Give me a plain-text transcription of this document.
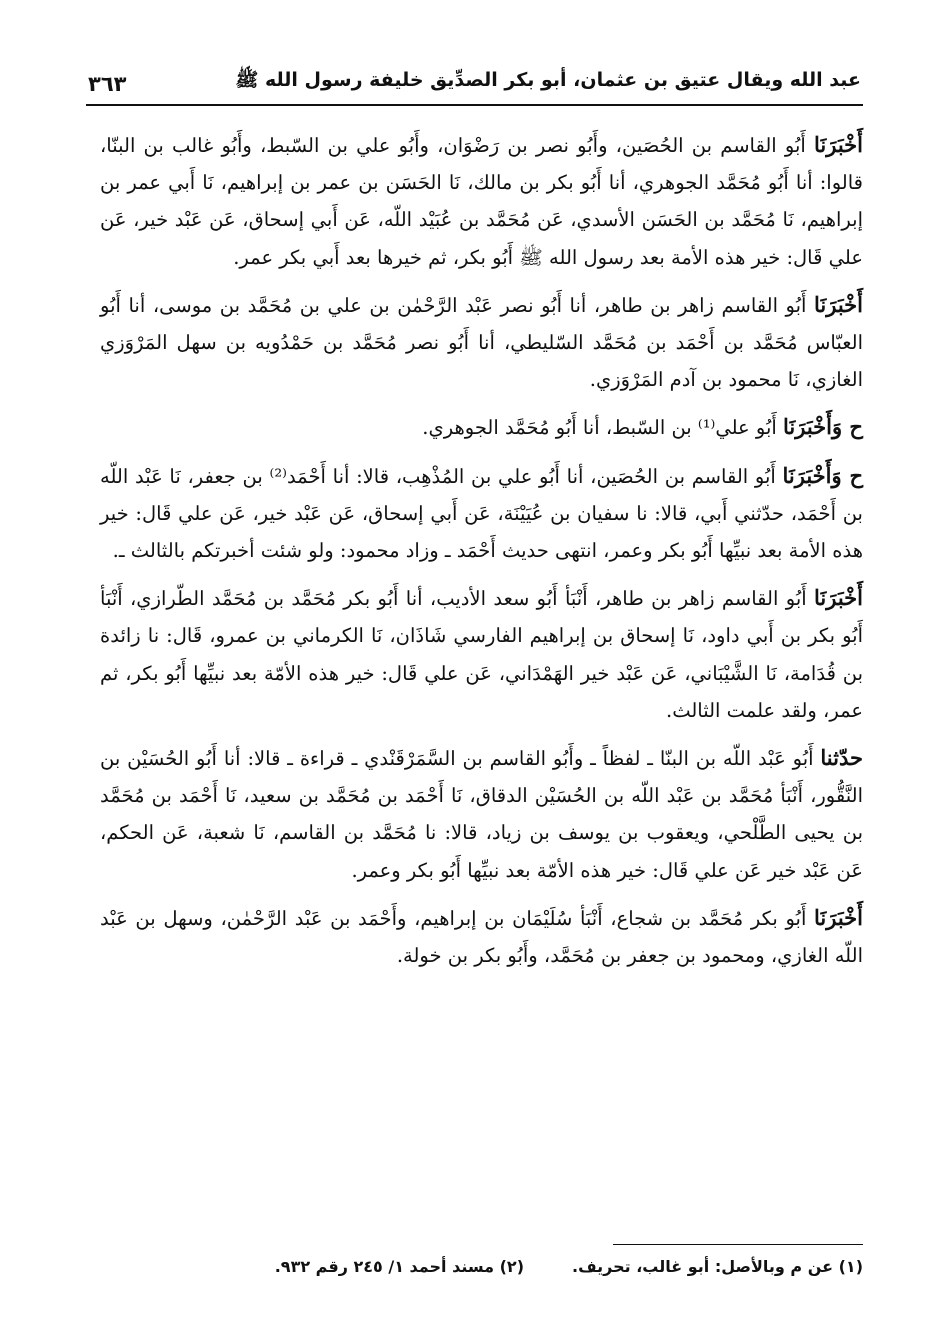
عبد الله ويقال عتيق بن عثمان، أبو بكر الصدِّيق خليفة رسول الله ﷺ
٣٦٣

أَخْبَرَنَا أَبُو القاسم بن الحُصَين، وأَبُو نصر بن رَضْوَان، وأَبُو علي بن السّبط، وأَبُو غالب بن البنّا، قالوا: أنا أَبُو مُحَمَّد الجوهري، أنا أَبُو بكر بن مالك، نَا الحَسَن بن عمر بن إبراهيم، نَا أَبي عمر بن إبراهيم، نَا مُحَمَّد بن الحَسَن الأسدي، عَن مُحَمَّد بن عُبَيْد اللّه، عَن أَبي إسحاق، عَن عَبْد خير، عَن علي قَال: خير هذه الأمة بعد رسول الله ﷺ أَبُو بكر، ثم خيرها بعد أَبي بكر عمر.

أَخْبَرَنَا أَبُو القاسم زاهر بن طاهر، أنا أَبُو نصر عَبْد الرَّحْمٰن بن علي بن مُحَمَّد بن موسى، أنا أَبُو العبّاس مُحَمَّد بن أَحْمَد بن مُحَمَّد السّليطي، أنا أَبُو نصر مُحَمَّد بن حَمْدُويه بن سهل المَرْوَزي الغازي، نَا محمود بن آدم المَرْوَزي.

ح وَأَخْبَرَنَا أَبُو علي⁽¹⁾ بن السّبط، أنا أَبُو مُحَمَّد الجوهري.

ح وَأَخْبَرَنَا أَبُو القاسم بن الحُصَين، أنا أَبُو علي بن المُذْهِب، قالا: أنا أَحْمَد⁽²⁾ بن جعفر، نَا عَبْد اللّه بن أَحْمَد، حدّثني أَبي، قالا: نا سفيان بن عُيَيْنَة، عَن أَبي إسحاق، عَن عَبْد خير، عَن علي قَال: خير هذه الأمة بعد نبيِّها أَبُو بكر وعمر، انتهى حديث أَحْمَد ـ وزاد محمود: ولو شئت أخبرتكم بالثالث ـ.

أَخْبَرَنَا أَبُو القاسم زاهر بن طاهر، أَنْبَأ أَبُو سعد الأديب، أنا أَبُو بكر مُحَمَّد بن مُحَمَّد الطّرازي، أَنْبَأ أَبُو بكر بن أَبي داود، نَا إسحاق بن إبراهيم الفارسي شَاذَان، نَا الكرماني بن عمرو، قَال: نا زائدة بن قُدَامة، نَا الشَّيْبَاني، عَن عَبْد خير الهَمْدَاني، عَن علي قَال: خير هذه الأمّة بعد نبيِّها أَبُو بكر، ثم عمر، ولقد علمت الثالث.

حدّثنا أَبُو عَبْد اللّه بن البنّا ـ لفظاً ـ وأَبُو القاسم بن السَّمَرْقَنْدي ـ قراءة ـ قالا: أنا أَبُو الحُسَيْن بن النَّقُّور، أَنْبَأ مُحَمَّد بن عَبْد اللّه بن الحُسَيْن الدقاق، نَا أَحْمَد بن مُحَمَّد بن سعيد، نَا أَحْمَد بن مُحَمَّد بن يحيى الطَّلْحي، ويعقوب بن يوسف بن زياد، قالا: نا مُحَمَّد بن القاسم، نَا شعبة، عَن الحكم، عَن عَبْد خير عَن علي قَال: خير هذه الأمّة بعد نبيِّها أَبُو بكر وعمر.

أَخْبَرَنَا أَبُو بكر مُحَمَّد بن شجاع، أَنْبَأ سُلَيْمَان بن إبراهيم، وأَحْمَد بن عَبْد الرَّحْمٰن، وسهل بن عَبْد اللّه الغازي، ومحمود بن جعفر بن مُحَمَّد، وأَبُو بكر بن خولة.

(١) عن م وبالأصل: أبو غالب، تحريف.
(٢) مسند أحمد ١/ ٢٤٥ رقم ٩٣٢.
